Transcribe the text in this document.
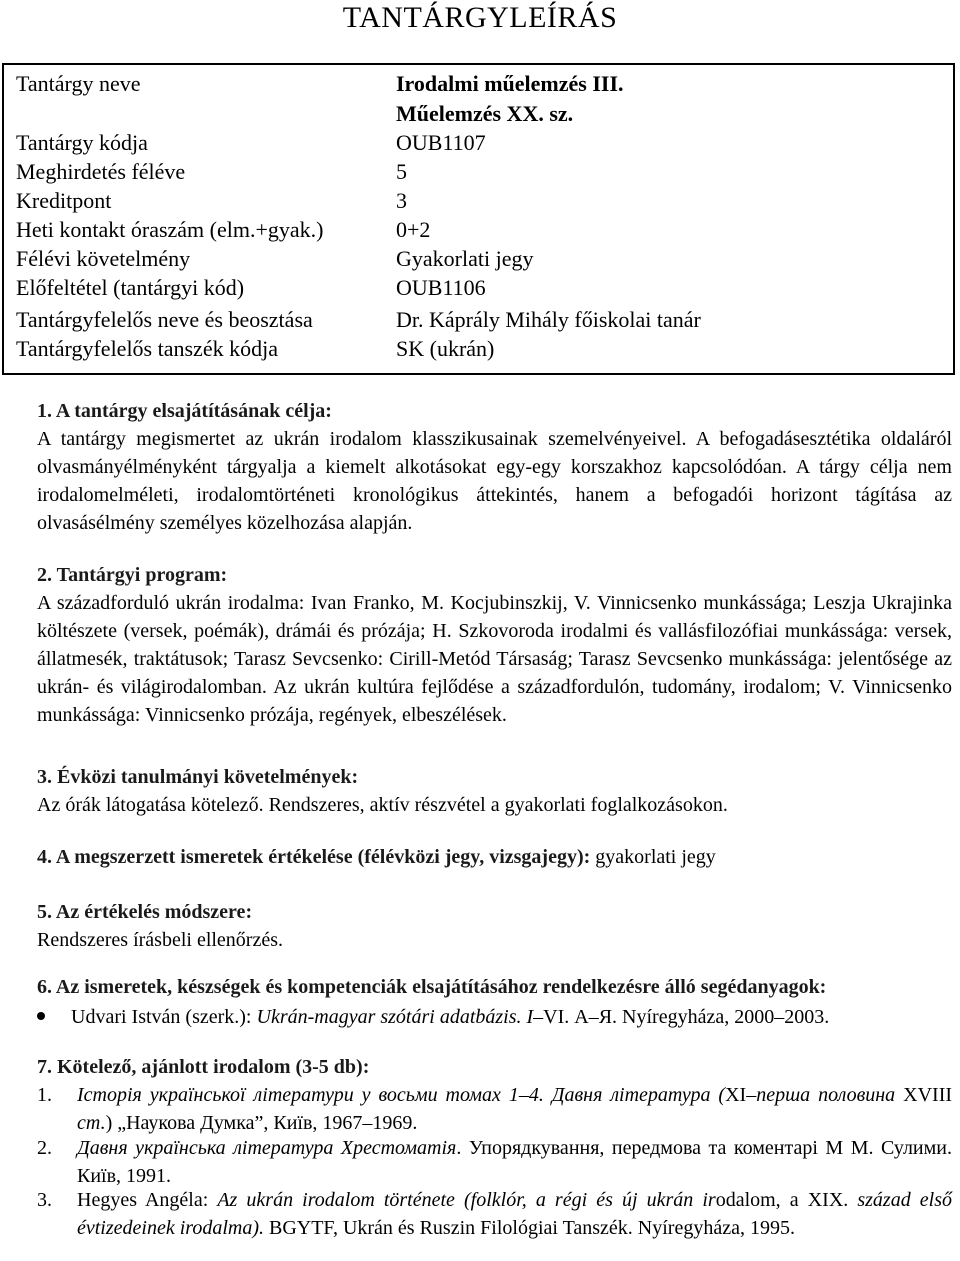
TANTÁRGYLEÍRÁS
Tantárgy neve	Irodalmi műelemzés III.
Műelemzés XX. sz.
Tantárgy kódja	OUB1107
Meghirdetés féléve	5
Kreditpont	3
Heti kontakt óraszám (elm.+gyak.)	0+2
Félévi követelmény	Gyakorlati jegy
Előfeltétel (tantárgyi kód)	OUB1106
Tantárgyfelelős neve és beosztása	Dr. Káprály Mihály főiskolai tanár
Tantárgyfelelős tanszék kódja	SK (ukrán)
1. A tantárgy elsajátításának célja:
A tantárgy megismertet az ukrán irodalom klasszikusainak szemelvényeivel. A befogadásesztétika oldaláról olvasmányélményként tárgyalja a kiemelt alkotásokat egy-egy korszakhoz kapcsolódóan. A tárgy célja nem irodalomelméleti, irodalomtörténeti kronológikus áttekintés, hanem a befogadói horizont tágítása az olvasásélmény személyes közelhozása alapján.
2. Tantárgyi program:
A századforduló ukrán irodalma: Ivan Franko, M. Kocjubinszkij, V. Vinnicsenko munkássága; Leszja Ukrajinka költészete (versek, poémák), drámái és prózája; H. Szkovoroda irodalmi és vallásfilozófiai munkássága: versek, állatmesék, traktátusok; Tarasz Sevcsenko: Cirill-Metód Társaság; Tarasz Sevcsenko munkássága: jelentősége az ukrán- és világirodalomban. Az ukrán kultúra fejlődése a századfordulón, tudomány, irodalom; V. Vinnicsenko munkássága: Vinnicsenko prózája, regények, elbeszélések.
3. Évközi tanulmányi követelmények:
Az órák látogatása kötelező. Rendszeres, aktív részvétel a gyakorlati foglalkozásokon.
4. A megszerzett ismeretek értékelése (félévközi jegy, vizsgajegy): gyakorlati jegy
5. Az értékelés módszere:
Rendszeres írásbeli ellenőrzés.
6. Az ismeretek, készségek és kompetenciák elsajátításához rendelkezésre álló segédanyagok:
Udvari István (szerk.): Ukrán-magyar szótári adatbázis. I–VI. А–Я. Nyíregyháza, 2000–2003.
7. Kötelező, ajánlott irodalom (3-5 db):
1. Історія української літератури у восьми томах 1–4. Давня література (XI–перша половина XVIII ст.) „Наукова Думка”, Київ, 1967–1969.
2. Давня українська література Хрестоматія. Упорядкування, передмова та коментарі М М. Сулими. Київ, 1991.
3. Hegyes Angéla: Az ukrán irodalom története (folklór, a régi és új ukrán irodalom, a XIX. század első évtizedeinek irodalma). BGYTF, Ukrán és Ruszin Filológiai Tanszék. Nyíregyháza, 1995.
